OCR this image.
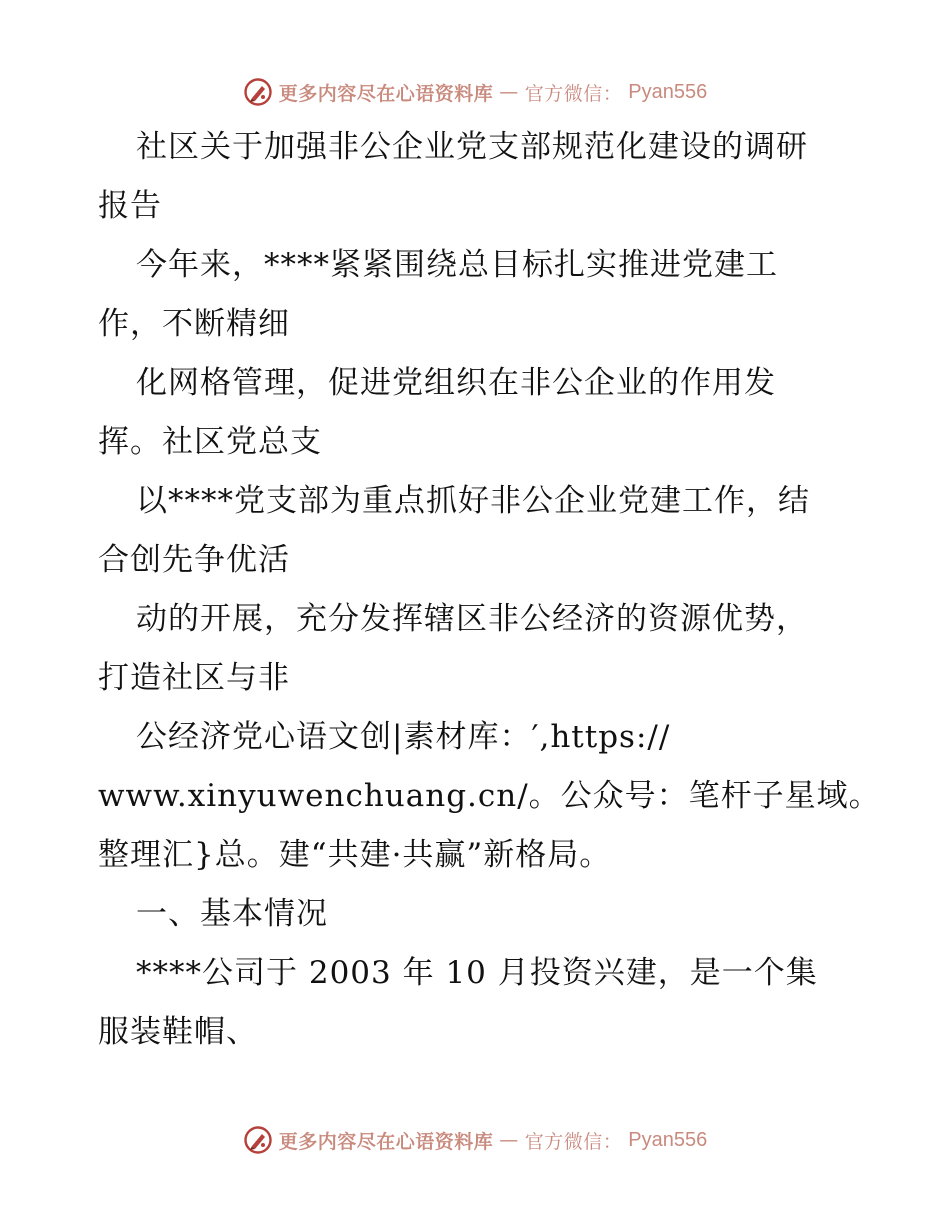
更多内容尽在心语资料库 — 官方微信： Pyan556

社区关于加强非公企业党支部规范化建设的调研

报告

今年来，****紧紧围绕总目标扎实推进党建工

作，不断精细

化网格管理，促进党组织在非公企业的作用发

挥。社区党总支

以****党支部为重点抓好非公企业党建工作，结

合创先争优活

动的开展，充分发挥辖区非公经济的资源优势，

打造社区与非

公经济党心语文创|素材库：′,https://

www.xinyuwenchuang.cn/。公众号：笔杆子星域。

整理汇}总。建“共建·共赢”新格局。

一、基本情况

****公司于 2003 年 10 月投资兴建，是一个集

服装鞋帽、

更多内容尽在心语资料库 — 官方微信： Pyan556
